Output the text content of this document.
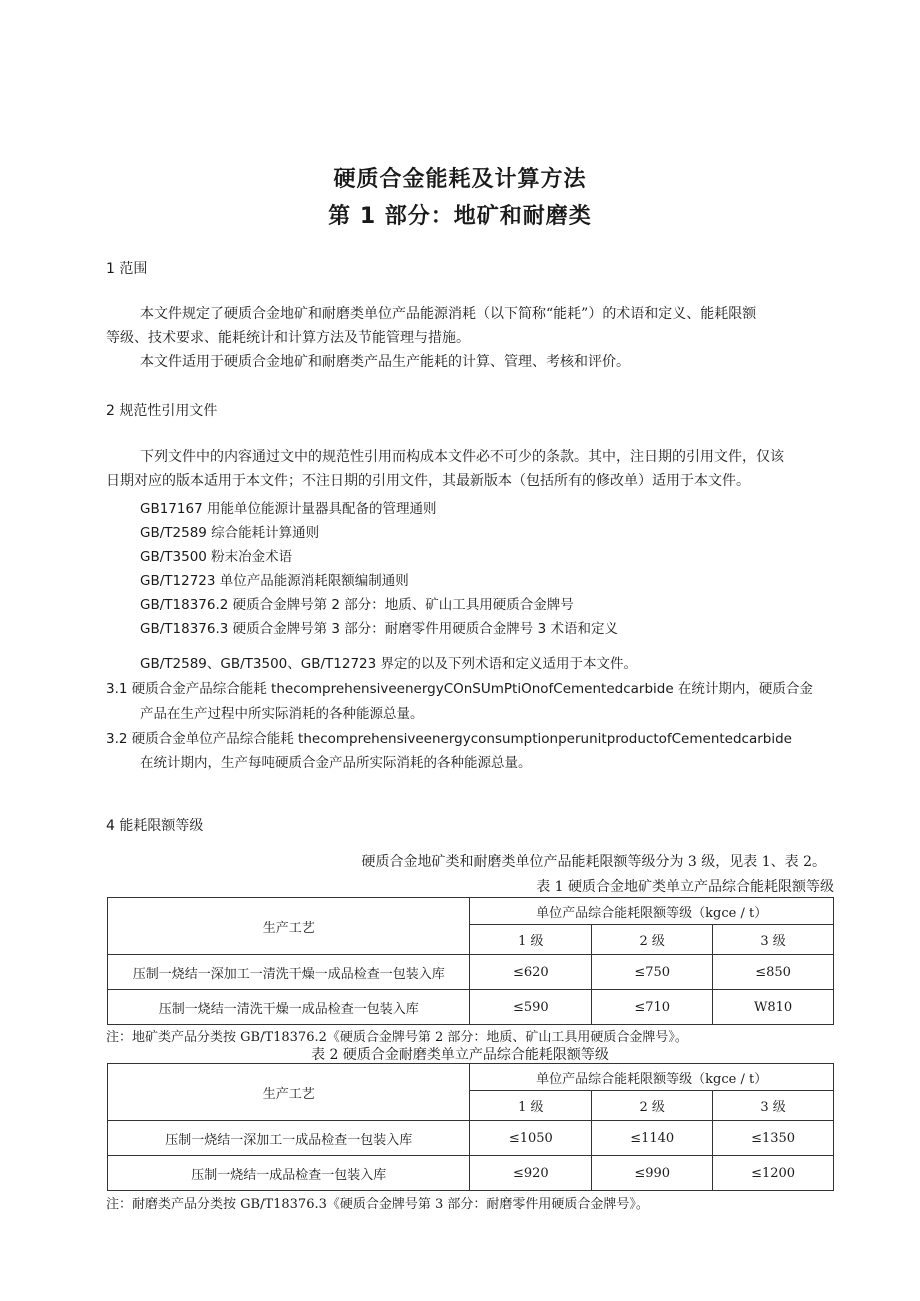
硬质合金能耗及计算方法
第 1 部分：地矿和耐磨类
1 范围
本文件规定了硬质合金地矿和耐磨类单位产品能源消耗（以下简称“能耗”）的术语和定义、能耗限额
等级、技术要求、能耗统计和计算方法及节能管理与措施。
本文件适用于硬质合金地矿和耐磨类产品生产能耗的计算、管理、考核和评价。
2 规范性引用文件
下列文件中的内容通过文中的规范性引用而构成本文件必不可少的条款。其中，注日期的引用文件，仅该
日期对应的版本适用于本文件；不注日期的引用文件，其最新版本（包括所有的修改单）适用于本文件。
GB17167 用能单位能源计量器具配备的管理通则
GB/T2589 综合能耗计算通则
GB/T3500 粉末冶金术语
GB/T12723 单位产品能源消耗限额编制通则
GB/T18376.2 硬质合金牌号第 2 部分：地质、矿山工具用硬质合金牌号
GB/T18376.3 硬质合金牌号第 3 部分：耐磨零件用硬质合金牌号 3 术语和定义
GB/T2589、GB/T3500、GB/T12723 界定的以及下列术语和定义适用于本文件。
3.1 硬质合金产品综合能耗 thecomprehensiveenergyCOnSUmPtiOnofCementedcarbide 在统计期内，硬质合金
产品在生产过程中所实际消耗的各种能源总量。
3.2 硬质合金单位产品综合能耗 thecomprehensiveenergyconsumptionperunitproductofCementedcarbide
在统计期内，生产每吨硬质合金产品所实际消耗的各种能源总量。
4 能耗限额等级
硬质合金地矿类和耐磨类单位产品能耗限额等级分为 3 级，见表 1、表 2。
表 1 硬质合金地矿类单立产品综合能耗限额等级
生产工艺	单位产品综合能耗限额等级（kgce / t）		
	1 级	2 级	3 级
压制一烧结一深加工一清洗干燥一成品检查一包装入库	≤620	≤750	≤850
压制一烧结一清洗干燥一成品检查一包装入库	≤590	≤710	W810
注：地矿类产品分类按 GB/T18376.2《硬质合金牌号第 2 部分：地质、矿山工具用硬质合金牌号》。
表 2 硬质合金耐磨类单立产品综合能耗限额等级
生产工艺	单位产品综合能耗限额等级（kgce / t）		
	1 级	2 级	3 级
压制一烧结一深加工一成品检查一包装入库	≤1050	≤1140	≤1350
压制一烧结一成品检查一包装入库	≤920	≤990	≤1200
注：耐磨类产品分类按 GB/T18376.3《硬质合金牌号第 3 部分：耐磨零件用硬质合金牌号》。
